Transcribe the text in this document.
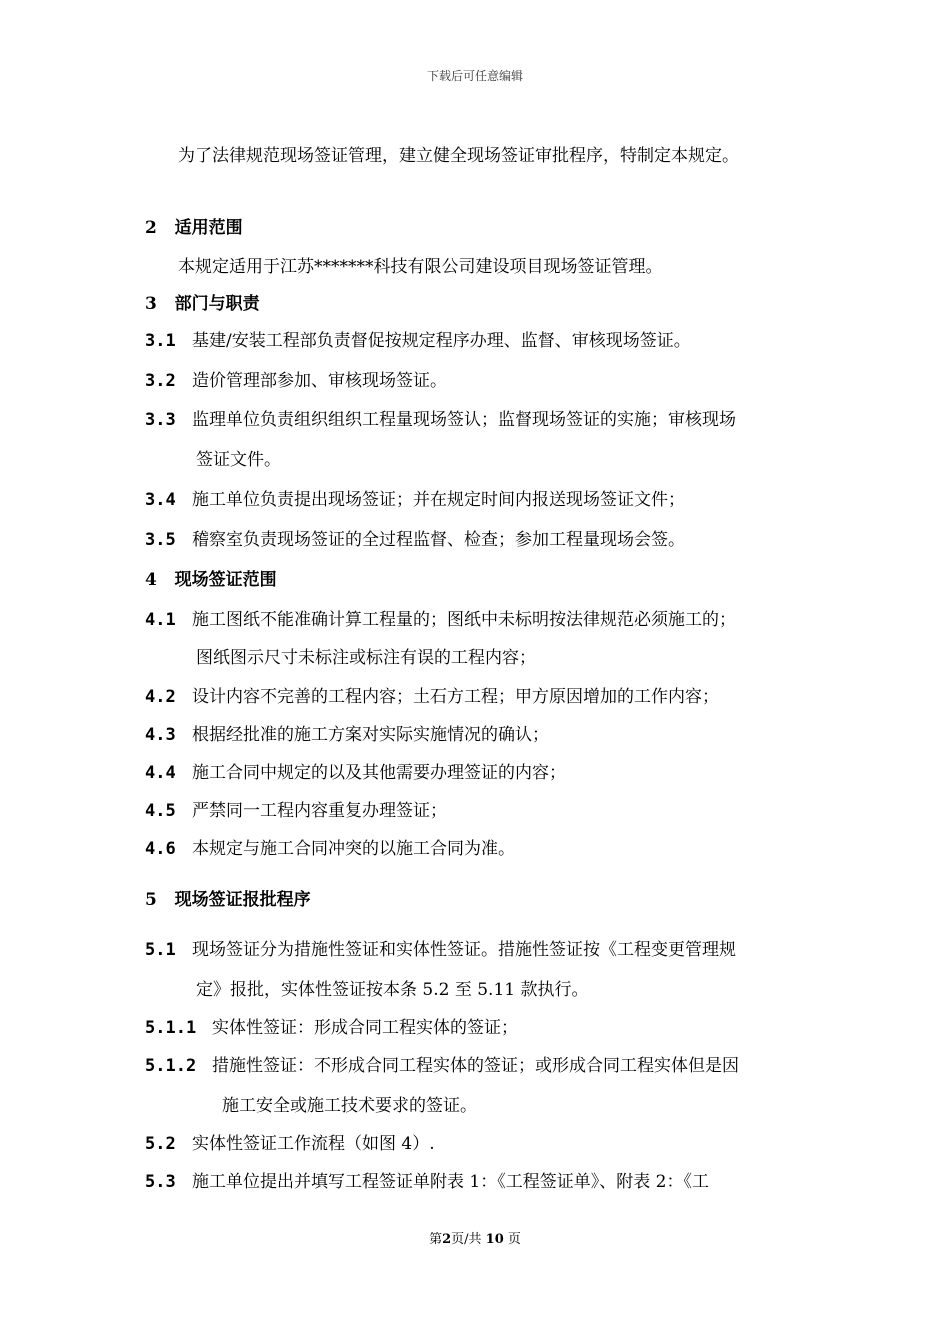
下载后可任意编辑
为了法律规范现场签证管理，建立健全现场签证审批程序，特制定本规定。
2 适用范围
本规定适用于江苏*******科技有限公司建设项目现场签证管理。
3 部门与职责
3.1 基建/安装工程部负责督促按规定程序办理、监督、审核现场签证。
3.2 造价管理部参加、审核现场签证。
3.3 监理单位负责组织组织工程量现场签认；监督现场签证的实施；审核现场
签证文件。
3.4 施工单位负责提出现场签证；并在规定时间内报送现场签证文件；
3.5 稽察室负责现场签证的全过程监督、检查；参加工程量现场会签。
4 现场签证范围
4.1 施工图纸不能准确计算工程量的；图纸中未标明按法律规范必须施工的；
图纸图示尺寸未标注或标注有误的工程内容；
4.2 设计内容不完善的工程内容；土石方工程；甲方原因增加的工作内容；
4.3 根据经批准的施工方案对实际实施情况的确认；
4.4 施工合同中规定的以及其他需要办理签证的内容；
4.5 严禁同一工程内容重复办理签证；
4.6 本规定与施工合同冲突的以施工合同为准。
5 现场签证报批程序
5.1 现场签证分为措施性签证和实体性签证。措施性签证按《工程变更管理规
定》报批，实体性签证按本条 5.2 至 5.11 款执行。
5.1.1 实体性签证：形成合同工程实体的签证；
5.1.2 措施性签证：不形成合同工程实体的签证；或形成合同工程实体但是因
施工安全或施工技术要求的签证。
5.2 实体性签证工作流程（如图 4）.
5.3 施工单位提出并填写工程签证单附表 1：《工程签证单》、附表 2：《工
第2页/共 10 页
